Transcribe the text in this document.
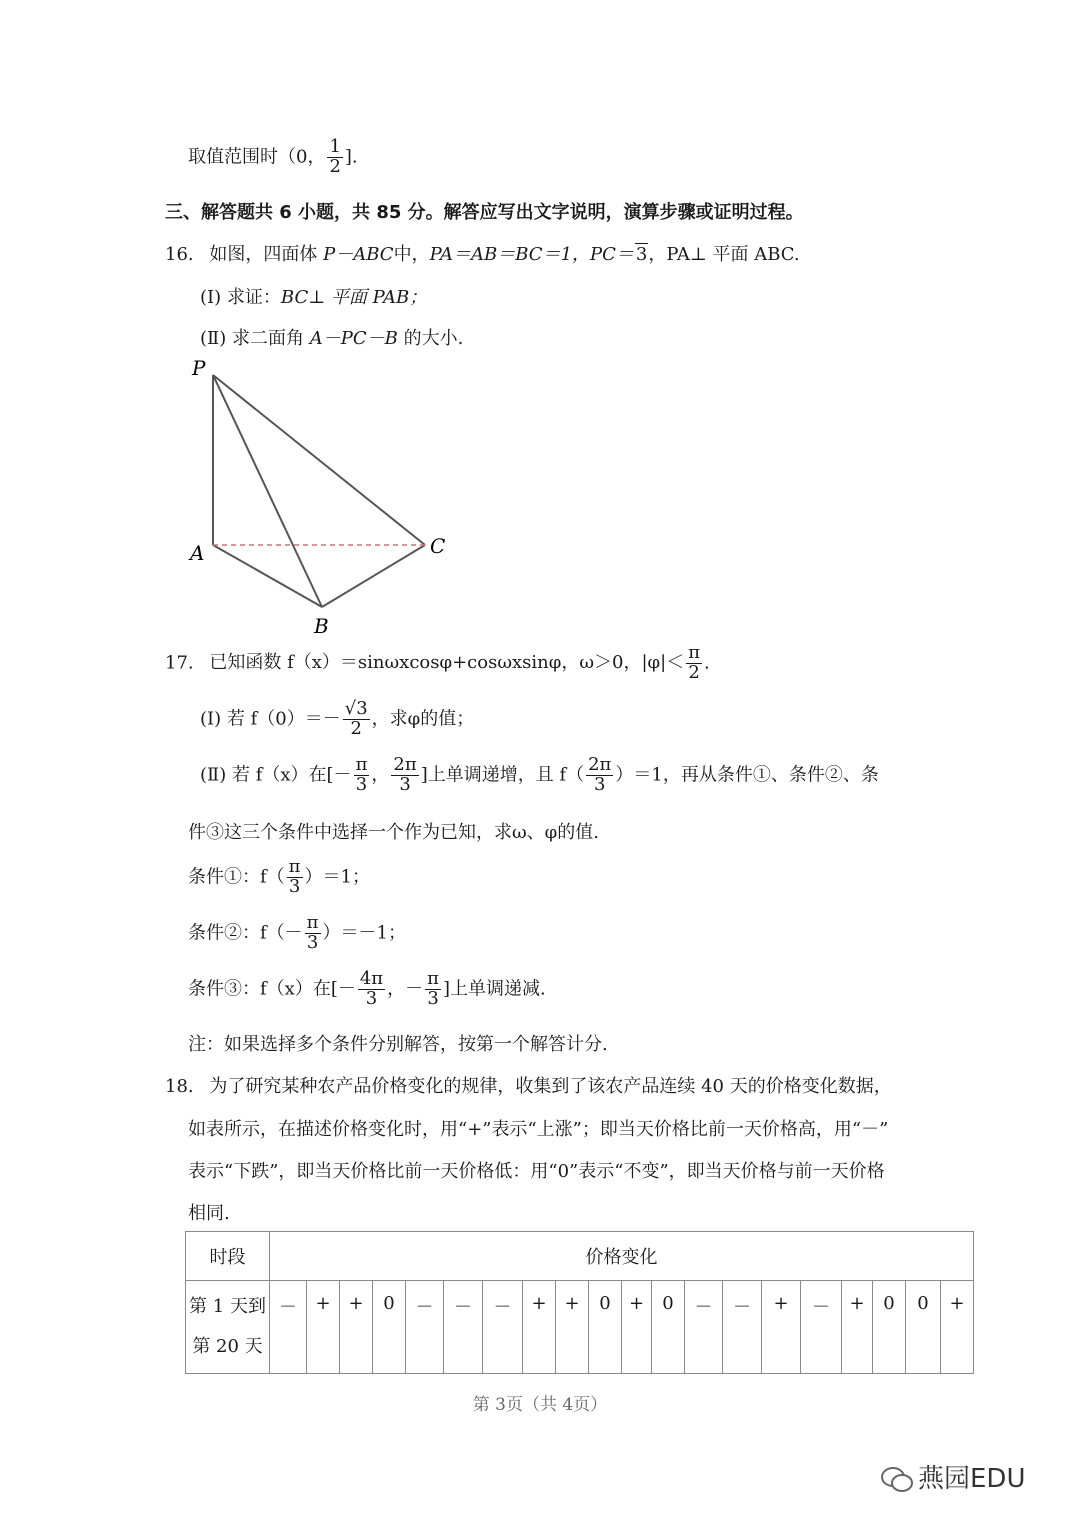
取值范围时（0， $\frac{1}{2}$ ].
三、解答题共 6 小题，共 85 分。解答应写出文字说明，演算步骤或证明过程。
16. 如图，四面体 P－ABC中，PA＝AB＝BC＝1，PC＝ 3，PA⊥ 平面 ABC.
(Ⅰ) 求证：BC⊥ 平面 PAB；
(Ⅱ) 求二面角 A－PC－B 的大小.
P
A
B
C
17. 已知函数 f（x）＝sinωxcosφ+cosωxsinφ，ω＞0，$|\varphi|< \frac{\pi}{2}$ .
(Ⅰ) 若 $f(0)=- \frac{√3}{2}$ ，求φ的值；
(Ⅱ) 若 f（x）在[－ $\frac{\pi}{3}$ ， $\frac{2\pi}{3}$ ]上单调递增，且 $f( \frac{2\pi}{3} )=1$，再从条件①、条件②、条
件③这三个条件中选择一个作为已知，求ω、φ的值.
条件①：$f( \frac{\pi}{3} )=1$；
条件②：$f(- \frac{\pi}{3} )=-1$；
条件③：f（x）在[－ $\frac{4\pi}{3}$ ，－ $\frac{\pi}{3}$ ]上单调递减.
注：如果选择多个条件分别解答，按第一个解答计分.
18. 为了研究某种农产品价格变化的规律，收集到了该农产品连续 40 天的价格变化数据，
如表所示，在描述价格变化时，用“+”表示“上涨”；即当天价格比前一天价格高，用“－”
表示“下跌”，即当天价格比前一天价格低：用“0”表示“不变”，即当天价格与前一天价格
相同.
时段	价格变化																			
第 1 天到
第 20 天	－	+	+	0	－	－	－	+	+	0	+	0	－	－	+	－	+	0	0	+
第 3页（共 4页）
燕园EDU
